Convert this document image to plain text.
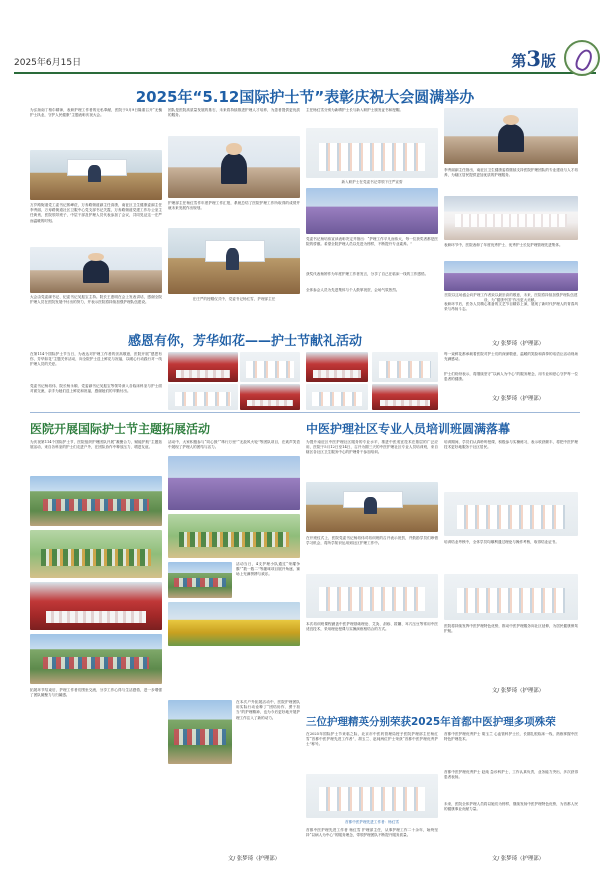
2025年6月15日	第3版
2025年“5.12国际护士节”表彰庆祝大会圆满举办
为弘扬南丁格尔精神，表彰护理工作者的无私奉献，医院于5月9日隆重召开“无愧护士执业，守护人民健康”主题表彰庆祝大会。
万岁路街道党工委书记郭峰莅，万寿路街道副主任高康，南征区卫生健康委副主任李秀丽，万寿路街道社区卫服中心党支部书记关霞，万寿路街道党建工作办公室主任黄贵，医院领导班子，中层干部及护理人员代表参加了会议，共同见证这一庄严而温暖的时刻。
大会由党委副书记、纪委书记吴振宝主持。院长王惠明在会上发表讲话，感谢全院护理人员在医院发展中付出的努力，并表示医院将持续加强护理队伍建设。
团队是医院高质量发展的基石，未来将持续推进护理人才培养，为患者提供更优质的服务。
护理部主任杨红雪作年度护理工作汇报，系统总结了医院护理工作所取得的成绩并就未来发展作出规划。
在庄严的授帽仪式中，党委书记杨红雪，护理部主任
主任杨红雪分别为新聘护士长与新入职护士颁发证书和授帽。
新入职护士在党委书记带领下庄严宣誓
党委书记杨培伟宣读表彰决定并指出：“护理工作平凡而伟大，每一位获奖者都是医院的骄傲。希望全院护理人员以先进为榜样，不断提升专业素养。”
获奖代表杨婷作为年度护理工作者发言，分享了自己在临床一线的工作感悟。
全体参会人员为先进集体与个人鼓掌祝贺，会场气氛热烈。
李秀丽副主任指出，南征区卫生健康委将继续支持医院护理团队的专业建设与人才培养，为辖区居民提供更加优质的护理服务。
表彰环节中，医院表彰了年度优秀护士、优秀护士长及护理管理先进集体。
医院以这场盛会向护理工作者致以最崇高的敬意，未来，医院将持续加强护理队伍建设，为“健康中国”作出更大贡献。
表彰环节后，医务人员精心准备的文艺节目精彩上演，展现了新时代护理人的青春风采与昂扬斗志。
文/ 张梦琦（护理部）
感恩有你，芳华如花——护士节献礼活动
在第114个国际护士节当日，为表达对护理工作者的崇高敬意，医院开展“感恩有你，芳华如花”主题关怀活动，向全院护士送上鲜花与祝福，以暖心行动践行对一线护理人员的关爱。
党委书记杨培伟、院长杨永顺、党委副书记吴振宝等领导深入各临床科室与护士面对面交流，亲手为她们送上鲜花和祝福，感谢她们的辛勤付出。
每一束鲜花都承载着医院对护士们的深深敬意，温暖的笑脸和真挚的话语让活动现场充满感动。
护士们纷纷表示，将继续坚守“以病人为中心”的服务理念，用专业和爱心守护每一位患者的健康。
文/ 张梦琦（护理部）
医院开展国际护士节主题拓展活动
为庆祝第114个国际护士节，医院组织护理团队开展“凝聚合力，赋能护航”主题拓展活动，来自各科室的护士们走进户外，在团队协作中释放压力、增进友谊。
拓展环节结束后，护理工作者们围坐交流，分享工作心得与生活感悟，进一步增强了团队凝聚力与归属感。
活动中，大家积极参与“同心鼓”“珠行万里”“无敌风火轮”等团队项目，在欢声笑语中展现了护理人的团结与活力。
活动当日，4支护理小队通过“荣耀争霸”“数一数二”等趣味项目展开角逐，赛场上充满拼搏与欢乐。
在本次户外拓展活动中，医院护理团队用实际行动诠释了“团结协作、勇于担当”的护理精神，也为今后更好地开展护理工作注入了新的动力。
文/ 张梦琦（护理部）
中医护理社区专业人员培训班圆满落幕
为提升南征区中医护理社区服务的专业水平，推进中医适宜技术在基层的广泛应用，医院于5月12日至14日，召开为期三天的中医护理社区专业人员培训班，来自辖区各社区卫生服务中心的护理骨干参加培训。
在开班仪式上，医院党委书记杨培伟对培训班的召开表示祝贺，并鼓励学员们珍惜学习机会，将所学知识运用到社区护理工作中。
本次培训班课程涵盖中医护理基础理论、艾灸、刮痧、拔罐、耳穴压豆等常用中医适宜技术，采用理论授课与实操演练相结合的方式。
培训期间，学员们认真聆听授课，积极参与实操练习，表示收获颇丰，将把中医护理技术更好地服务于社区居民。
培训结业考核中，全体学员均顺利通过理论与操作考核，取得结业证书。
医院将持续发挥中医护理特色优势，推动中医护理服务向社区延伸，为居民健康保驾护航。
文/ 张梦琦（护理部）
三位护理精英分别荣获2025年首都中医护理多项殊荣
在2025年国际护士节来临之际，北京市中医药管理局授予医院护理部主任杨红雪“首都中医护理先进工作者”，胡玉兰、赵纯两位护士荣获“首都中医护理优秀护士”称号。
首都中医护理先进工作者：杨红雪
首都中医护理先进工作者 杨红雪 护理部主任，从事护理工作二十余年，始终坚持“以病人为中心”的服务理念，带领护理团队不断提升服务质量。
首都中医护理优秀护士 胡玉兰 心血管科护士长，长期扎根临床一线，熟练掌握中医特色护理技术。
首都中医护理优秀护士 赵纯 急诊科护士，工作认真负责，业务能力突出，多次获得患者表扬。
未来，医院全体护理人员将以她们为榜样，继续发扬中医护理特色优势，为首都人民的健康事业贡献力量。
文/ 张梦琦（护理部）
